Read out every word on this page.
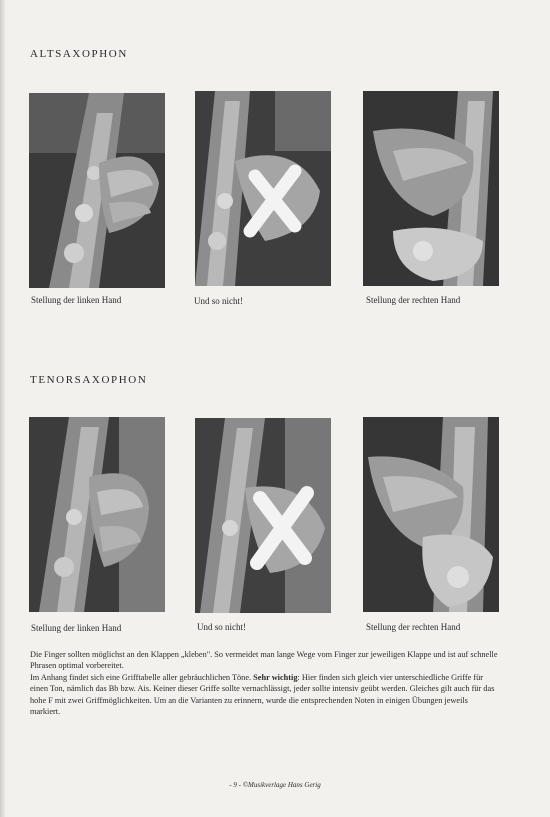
ALTSAXOPHON
Stellung der linken Hand	Und so nicht!	Stellung der rechten Hand
TENORSAXOPHON
Stellung der linken Hand	Und so nicht!	Stellung der rechten Hand

Die Finger sollten möglichst an den Klappen „kleben". So vermeidet man lange Wege vom Finger zur jeweiligen Klappe und ist auf schnelle Phrasen optimal vorbereitet.

Im Anhang findet sich eine Grifftabelle aller gebräuchlichen Töne. Sehr wichtig: Hier finden sich gleich vier unterschiedliche Griffe für einen Ton, nämlich das Bb bzw. Ais. Keiner dieser Griffe sollte vernachlässigt, jeder sollte intensiv geübt werden. Gleiches gilt auch für das hohe F mit zwei Griffmöglichkeiten. Um an die Varianten zu erinnern, wurde die entsprechenden Noten in einigen Übungen jeweils markiert.

- 9 - ©Musikverlage Hans Gerig
